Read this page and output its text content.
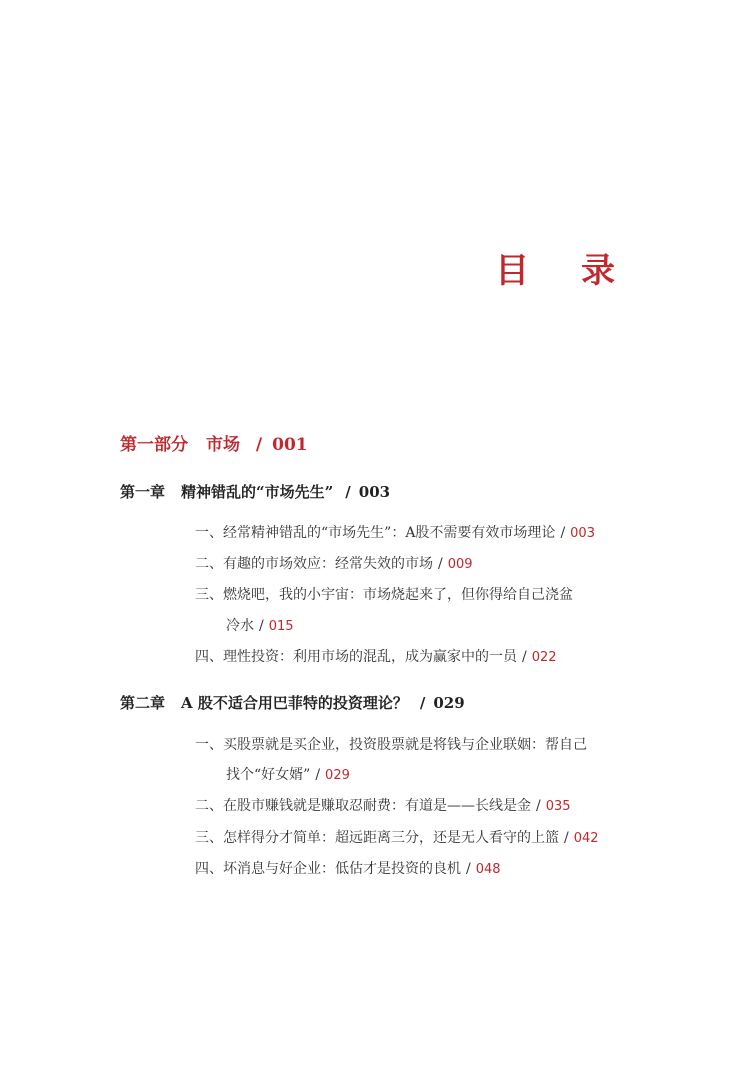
目 录
第一部分 市场 / 001
第一章 精神错乱的“市场先生” / 003
一、经常精神错乱的“市场先生”：A股不需要有效市场理论 / 003
二、有趣的市场效应：经常失效的市场 / 009
三、燃烧吧，我的小宇宙：市场烧起来了，但你得给自己浇盆
冷水 / 015
四、理性投资：利用市场的混乱，成为赢家中的一员 / 022
第二章 A 股不适合用巴菲特的投资理论？ / 029
一、买股票就是买企业，投资股票就是将钱与企业联姻：帮自己
找个“好女婿” / 029
二、在股市赚钱就是赚取忍耐费：有道是——长线是金 / 035
三、怎样得分才简单：超远距离三分，还是无人看守的上篮 / 042
四、坏消息与好企业：低估才是投资的良机 / 048
